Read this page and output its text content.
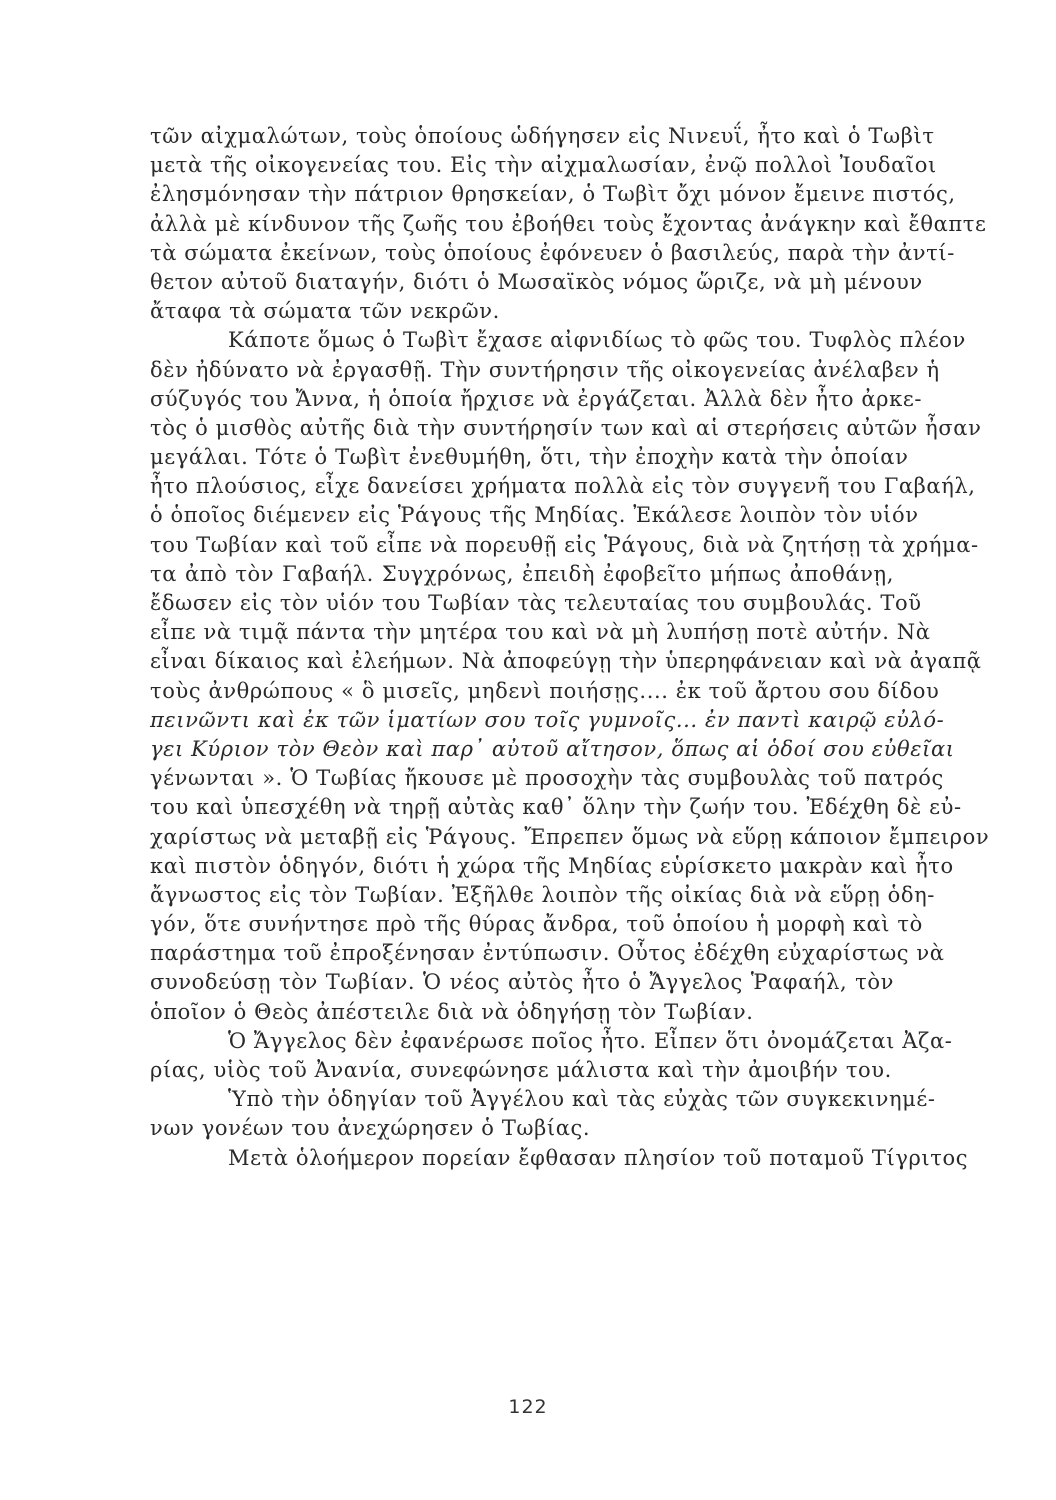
τῶν αἰχμαλώτων, τοὺς ὁποίους ὡδήγησεν εἰς Νινευΐ, ἦτο καὶ ὁ Τωβὶτ
μετὰ τῆς οἰκογενείας του. Εἰς τὴν αἰχμαλωσίαν, ἐνῷ πολλοὶ Ἰουδαῖοι
ἐλησμόνησαν τὴν πάτριον θρησκείαν, ὁ Τωβὶτ ὄχι μόνον ἔμεινε πιστός,
ἀλλὰ μὲ κίνδυνον τῆς ζωῆς του ἐβοήθει τοὺς ἔχοντας ἀνάγκην καὶ ἔθαπτε
τὰ σώματα ἐκείνων, τοὺς ὁποίους ἐφόνευεν ὁ βασιλεύς, παρὰ τὴν ἀντί-
θετον αὐτοῦ διαταγήν, διότι ὁ Μωσαϊκὸς νόμος ὥριζε, νὰ μὴ μένουν
ἄταφα τὰ σώματα τῶν νεκρῶν.
Κάποτε ὅμως ὁ Τωβὶτ ἔχασε αἰφνιδίως τὸ φῶς του. Τυφλὸς πλέον
δὲν ἠδύνατο νὰ ἐργασθῇ. Τὴν συντήρησιν τῆς οἰκογενείας ἀνέλαβεν ἡ
σύζυγός του Ἄννα, ἡ ὁποία ἤρχισε νὰ ἐργάζεται. Ἀλλὰ δὲν ἦτο ἀρκε-
τὸς ὁ μισθὸς αὐτῆς διὰ τὴν συντήρησίν των καὶ αἱ στερήσεις αὐτῶν ἦσαν
μεγάλαι. Τότε ὁ Τωβὶτ ἐνεθυμήθη, ὅτι, τὴν ἐποχὴν κατὰ τὴν ὁποίαν
ἦτο πλούσιος, εἶχε δανείσει χρήματα πολλὰ εἰς τὸν συγγενῆ του Γαβαήλ,
ὁ ὁποῖος διέμενεν εἰς Ῥάγους τῆς Μηδίας. Ἐκάλεσε λοιπὸν τὸν υἱόν
του Τωβίαν καὶ τοῦ εἶπε νὰ πορευθῇ εἰς Ῥάγους, διὰ νὰ ζητήσῃ τὰ χρήμα-
τα ἀπὸ τὸν Γαβαήλ. Συγχρόνως, ἐπειδὴ ἐφοβεῖτο μήπως ἀποθάνῃ,
ἔδωσεν εἰς τὸν υἱόν του Τωβίαν τὰς τελευταίας του συμβουλάς. Τοῦ
εἶπε νὰ τιμᾷ πάντα τὴν μητέρα του καὶ νὰ μὴ λυπήσῃ ποτὲ αὐτήν. Νὰ
εἶναι δίκαιος καὶ ἐλεήμων. Νὰ ἀποφεύγῃ τὴν ὑπερηφάνειαν καὶ νὰ ἀγαπᾷ
τοὺς ἀνθρώπους « ὃ μισεῖς, μηδενὶ ποιήσῃς.... ἐκ τοῦ ἄρτου σου δίδου
πεινῶντι καὶ ἐκ τῶν ἱματίων σου τοῖς γυμνοῖς... ἐν παντὶ καιρῷ εὐλό-
γει Κύριον τὸν Θεὸν καὶ παρ᾽ αὐτοῦ αἴτησον, ὅπως αἱ ὁδοί σου εὐθεῖαι
γένωνται ». Ὁ Τωβίας ἤκουσε μὲ προσοχὴν τὰς συμβουλὰς τοῦ πατρός
του καὶ ὑπεσχέθη νὰ τηρῇ αὐτὰς καθ᾽ ὅλην τὴν ζωήν του. Ἐδέχθη δὲ εὐ-
χαρίστως νὰ μεταβῇ εἰς Ῥάγους. Ἔπρεπεν ὅμως νὰ εὕρῃ κάποιον ἔμπειρον
καὶ πιστὸν ὁδηγόν, διότι ἡ χώρα τῆς Μηδίας εὑρίσκετο μακρὰν καὶ ἦτο
ἄγνωστος εἰς τὸν Τωβίαν. Ἐξῆλθε λοιπὸν τῆς οἰκίας διὰ νὰ εὕρῃ ὁδη-
γόν, ὅτε συνήντησε πρὸ τῆς θύρας ἄνδρα, τοῦ ὁποίου ἡ μορφὴ καὶ τὸ
παράστημα τοῦ ἐπροξένησαν ἐντύπωσιν. Οὗτος ἐδέχθη εὐχαρίστως νὰ
συνοδεύσῃ τὸν Τωβίαν. Ὁ νέος αὐτὸς ἦτο ὁ Ἄγγελος Ῥαφαήλ, τὸν
ὁποῖον ὁ Θεὸς ἀπέστειλε διὰ νὰ ὁδηγήσῃ τὸν Τωβίαν.
Ὁ Ἄγγελος δὲν ἐφανέρωσε ποῖος ἦτο. Εἶπεν ὅτι ὀνομάζεται Ἀζα-
ρίας, υἱὸς τοῦ Ἀνανία, συνεφώνησε μάλιστα καὶ τὴν ἀμοιβήν του.
Ὑπὸ τὴν ὁδηγίαν τοῦ Ἀγγέλου καὶ τὰς εὐχὰς τῶν συγκεκινημέ-
νων γονέων του ἀνεχώρησεν ὁ Τωβίας.
Μετὰ ὁλοήμερον πορείαν ἔφθασαν πλησίον τοῦ ποταμοῦ Τίγριτος
122
